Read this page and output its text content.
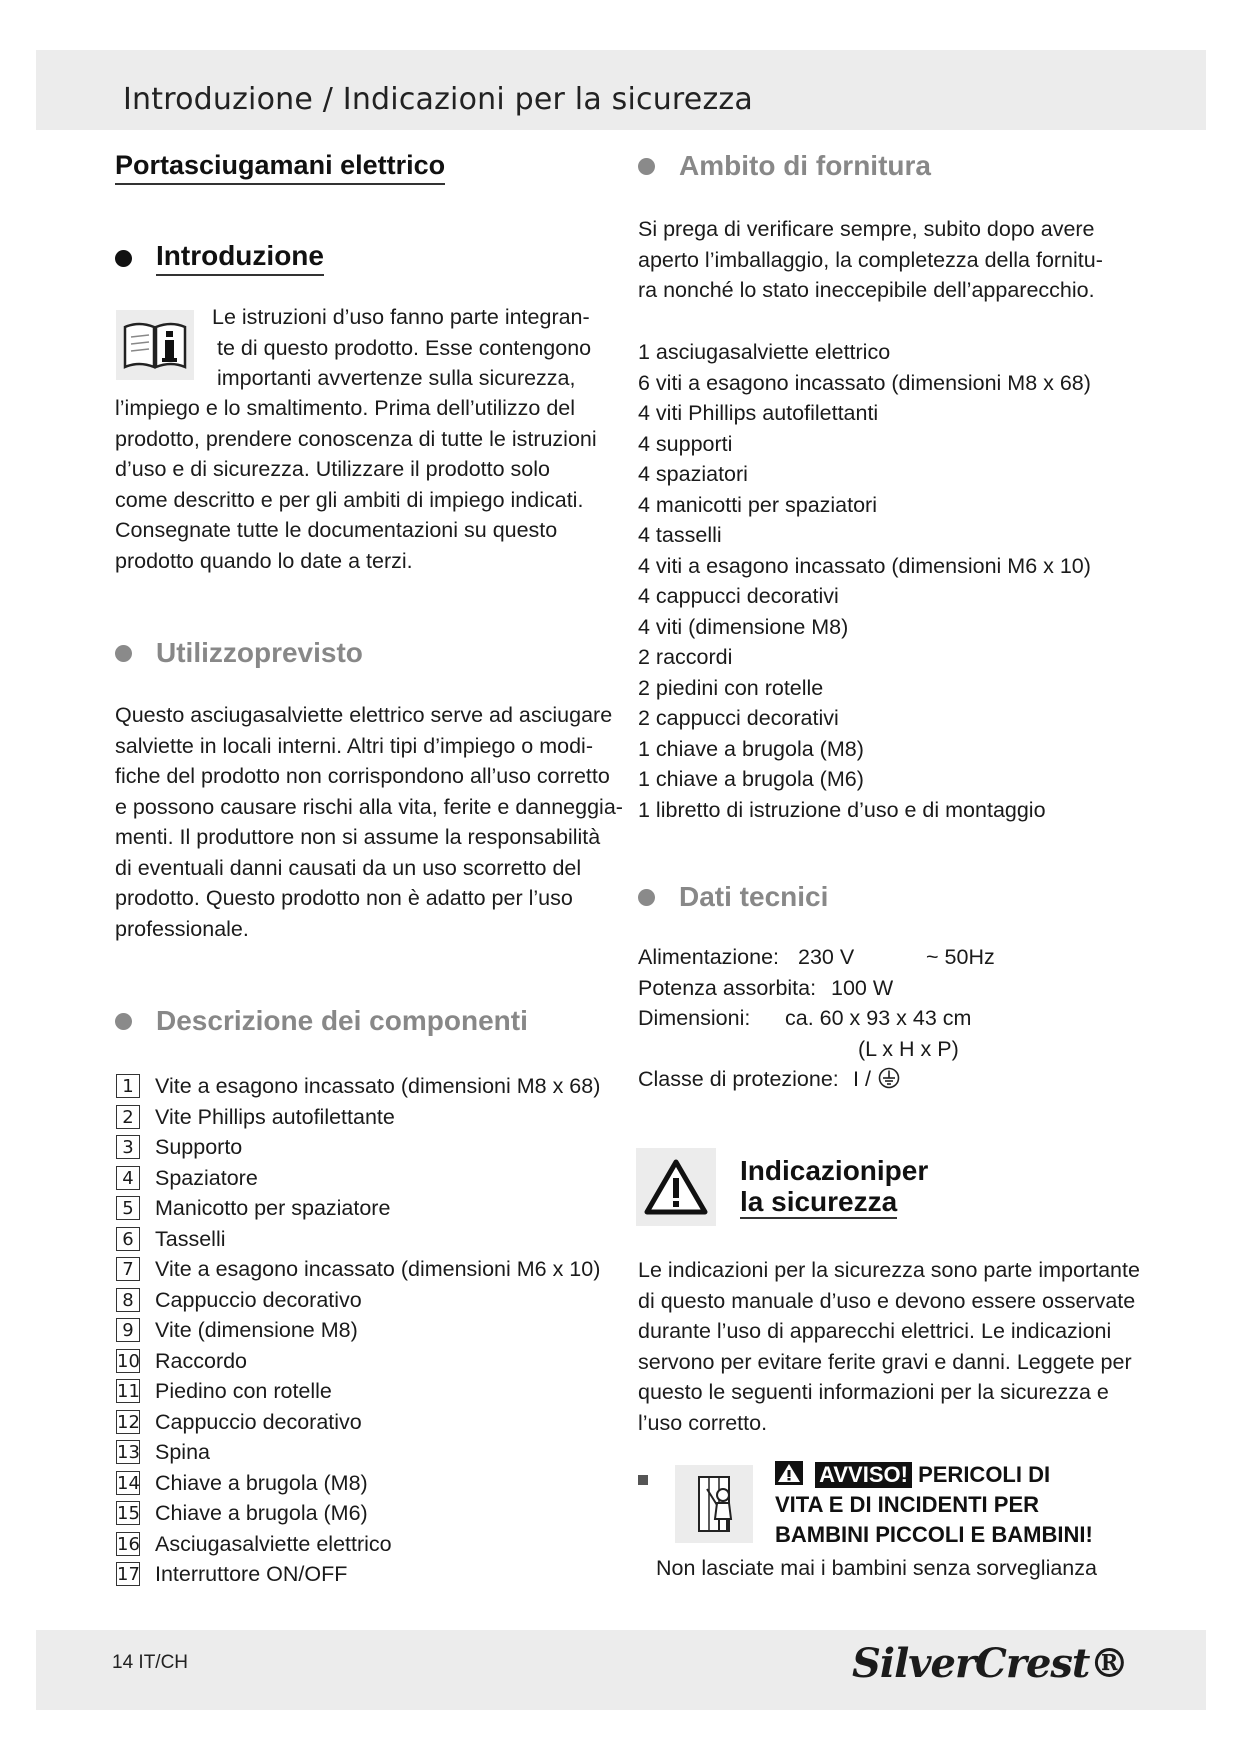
Introduzione / Indicazioni per la sicurezza
Portasciugamani elettrico
Introduzione
Le istruzioni d’uso fanno parte integran-
te di questo prodotto. Esse contengono
importanti avvertenze sulla sicurezza,
l’impiego e lo smaltimento. Prima dell’utilizzo del
prodotto, prendere conoscenza di tutte le istruzioni
d’uso e di sicurezza. Utilizzare il prodotto solo
come descritto e per gli ambiti di impiego indicati.
Consegnate tutte le documentazioni su questo
prodotto quando lo date a terzi.
Utilizzoprevisto
Questo asciugasalviette elettrico serve ad asciugare
salviette in locali interni. Altri tipi d’impiego o modi-
fiche del prodotto non corrispondono all’uso corretto
e possono causare rischi alla vita, ferite e danneggia-
menti. Il produttore non si assume la responsabilità
di eventuali danni causati da un uso scorretto del
prodotto. Questo prodotto non è adatto per l’uso
professionale.
Descrizione dei componenti
1 Vite a esagono incassato (dimensioni M8 x 68)
2 Vite Phillips autofilettante
3 Supporto
4 Spaziatore
5 Manicotto per spaziatore
6 Tasselli
7 Vite a esagono incassato (dimensioni M6 x 10)
8 Cappuccio decorativo
9 Vite (dimensione M8)
10 Raccordo
11 Piedino con rotelle
12 Cappuccio decorativo
13 Spina
14 Chiave a brugola (M8)
15 Chiave a brugola (M6)
16 Asciugasalviette elettrico
17 Interruttore ON/OFF
Ambito di fornitura
Si prega di verificare sempre, subito dopo avere
aperto l’imballaggio, la completezza della fornitu-
ra nonché lo stato ineccepibile dell’apparecchio.
1 asciugasalviette elettrico
6 viti a esagono incassato (dimensioni M8 x 68)
4 viti Phillips autofilettanti
4 supporti
4 spaziatori
4 manicotti per spaziatori
4 tasselli
4 viti a esagono incassato (dimensioni M6 x 10)
4 cappucci decorativi
4 viti (dimensione M8)
2 raccordi
2 piedini con rotelle
2 cappucci decorativi
1 chiave a brugola (M8)
1 chiave a brugola (M6)
1 libretto di istruzione d’uso e di montaggio
Dati tecnici
Alimentazione: 230 V	~ 50Hz
Potenza assorbita: 100 W
Dimensioni: ca. 60 x 93 x 43 cm
(L x H x P)
Classe di protezione: I /
Indicazioniper
la sicurezza
Le indicazioni per la sicurezza sono parte importante
di questo manuale d’uso e devono essere osservate
durante l’uso di apparecchi elettrici. Le indicazioni
servono per evitare ferite gravi e danni. Leggete per
questo le seguenti informazioni per la sicurezza e
l’uso corretto.
AVVISO! PERICOLI DI
VITA E DI INCIDENTI PER
BAMBINI PICCOLI E BAMBINI!
Non lasciate mai i bambini senza sorveglianza
14 IT/CH	SilverCrest®
